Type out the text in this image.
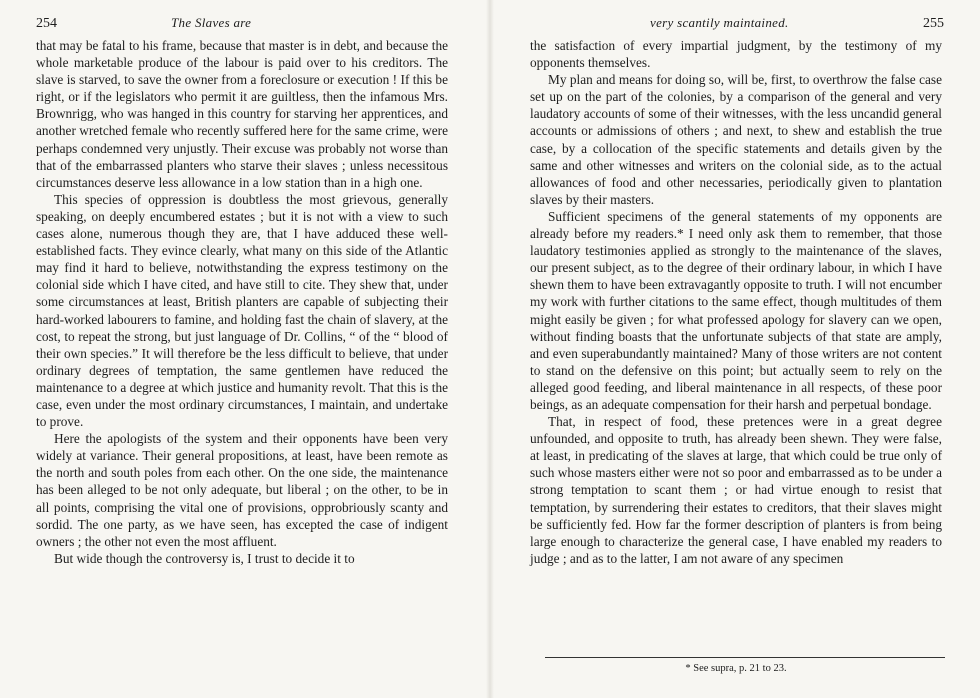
254	The Slaves are

that may be fatal to his frame, because that master is in debt, and because the whole marketable produce of the labour is paid over to his creditors. The slave is starved, to save the owner from a foreclosure or execution ! If this be right, or if the legislators who permit it are guiltless, then the infamous Mrs. Brownrigg, who was hanged in this country for starving her apprentices, and another wretched female who recently suffered here for the same crime, were perhaps condemned very unjustly. Their excuse was probably not worse than that of the embarrassed planters who starve their slaves ; unless necessitous circumstances deserve less allowance in a low station than in a high one.

This species of oppression is doubtless the most grievous, generally speaking, on deeply encumbered estates ; but it is not with a view to such cases alone, numerous though they are, that I have adduced these well-established facts. They evince clearly, what many on this side of the Atlantic may find it hard to believe, notwithstanding the express testimony on the colonial side which I have cited, and have still to cite. They shew that, under some circumstances at least, British planters are capable of subjecting their hard-worked labourers to famine, and holding fast the chain of slavery, at the cost, to repeat the strong, but just language of Dr. Collins, “ of the “ blood of their own species.” It will therefore be the less difficult to believe, that under ordinary degrees of temptation, the same gentlemen have reduced the maintenance to a degree at which justice and humanity revolt. That this is the case, even under the most ordinary circumstances, I maintain, and undertake to prove.

Here the apologists of the system and their opponents have been very widely at variance. Their general propositions, at least, have been remote as the north and south poles from each other. On the one side, the maintenance has been alleged to be not only adequate, but liberal ; on the other, to be in all points, comprising the vital one of provisions, opprobriously scanty and sordid. The one party, as we have seen, has excepted the case of indigent owners ; the other not even the most affluent.

But wide though the controversy is, I trust to decide it to

very scantily maintained.	255

the satisfaction of every impartial judgment, by the testimony of my opponents themselves.

My plan and means for doing so, will be, first, to overthrow the false case set up on the part of the colonies, by a comparison of the general and very laudatory accounts of some of their witnesses, with the less uncandid general accounts or admissions of others ; and next, to shew and establish the true case, by a collocation of the specific statements and details given by the same and other witnesses and writers on the colonial side, as to the actual allowances of food and other necessaries, periodically given to plantation slaves by their masters.

Sufficient specimens of the general statements of my opponents are already before my readers.* I need only ask them to remember, that those laudatory testimonies applied as strongly to the maintenance of the slaves, our present subject, as to the degree of their ordinary labour, in which I have shewn them to have been extravagantly opposite to truth. I will not encumber my work with further citations to the same effect, though multitudes of them might easily be given ; for what professed apology for slavery can we open, without finding boasts that the unfortunate subjects of that state are amply, and even superabundantly maintained? Many of those writers are not content to stand on the defensive on this point; but actually seem to rely on the alleged good feeding, and liberal maintenance in all respects, of these poor beings, as an adequate compensation for their harsh and perpetual bondage.

That, in respect of food, these pretences were in a great degree unfounded, and opposite to truth, has already been shewn. They were false, at least, in predicating of the slaves at large, that which could be true only of such whose masters either were not so poor and embarrassed as to be under a strong temptation to scant them ; or had virtue enough to resist that temptation, by surrendering their estates to creditors, that their slaves might be sufficiently fed. How far the former description of planters is from being large enough to characterize the general case, I have enabled my readers to judge ; and as to the latter, I am not aware of any specimen

* See supra, p. 21 to 23.
